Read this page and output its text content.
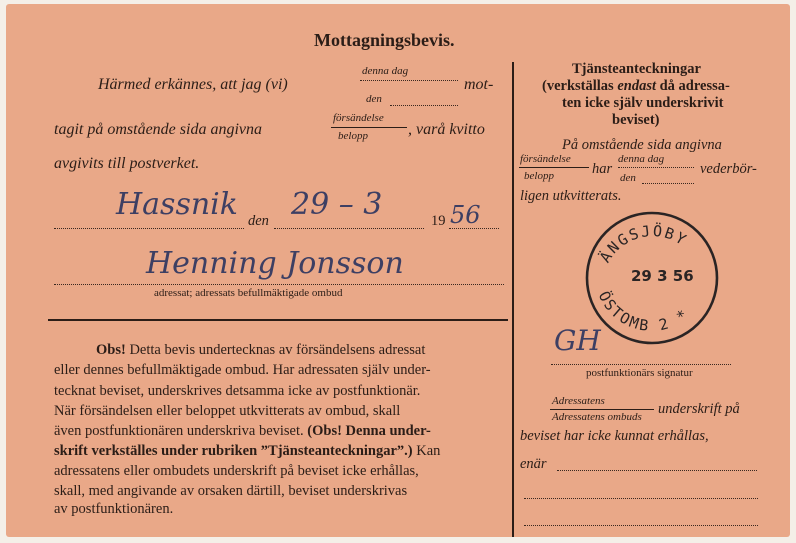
Mottagningsbevis.
Härmed erkännes, att jag (vi)
denna dag
mot-
den
tagit på omstående sida angivna
försändelse
belopp	, varå kvitto
avgivits till postverket.
Hassnik 29 – 3
den	19 56
Henning Jonsson
adressat; adressats befullmäktigade ombud
Obs! Detta bevis undertecknas av försändelsens adressat
eller dennes befullmäktigade ombud. Har adressaten själv under-
tecknat beviset, underskrives detsamma icke av postfunktionär.
När försändelsen eller beloppet utkvitterats av ombud, skall
även postfunktionären underskriva beviset. (Obs! Denna under-
skrift verkställes under rubriken ”Tjänsteanteckningar”.) Kan
adressatens eller ombudets underskrift på beviset icke erhållas,
skall, med angivande av orsaken därtill, beviset underskrivas
av postfunktionären.
Tjänsteanteckningar
(verkställas endast då adressa-
ten icke själv underskrivit
beviset)
På omstående sida angivna
försändelse
belopp	har
denna dag
den
vederbör-
ligen utkvitterats.
ÄNGSJÖBY
ÖSTOMB 2 *
29 3 56
GH
postfunktionärs signatur
Adressatens
Adressatens ombuds underskrift på
beviset har icke kunnat erhållas,
enär
